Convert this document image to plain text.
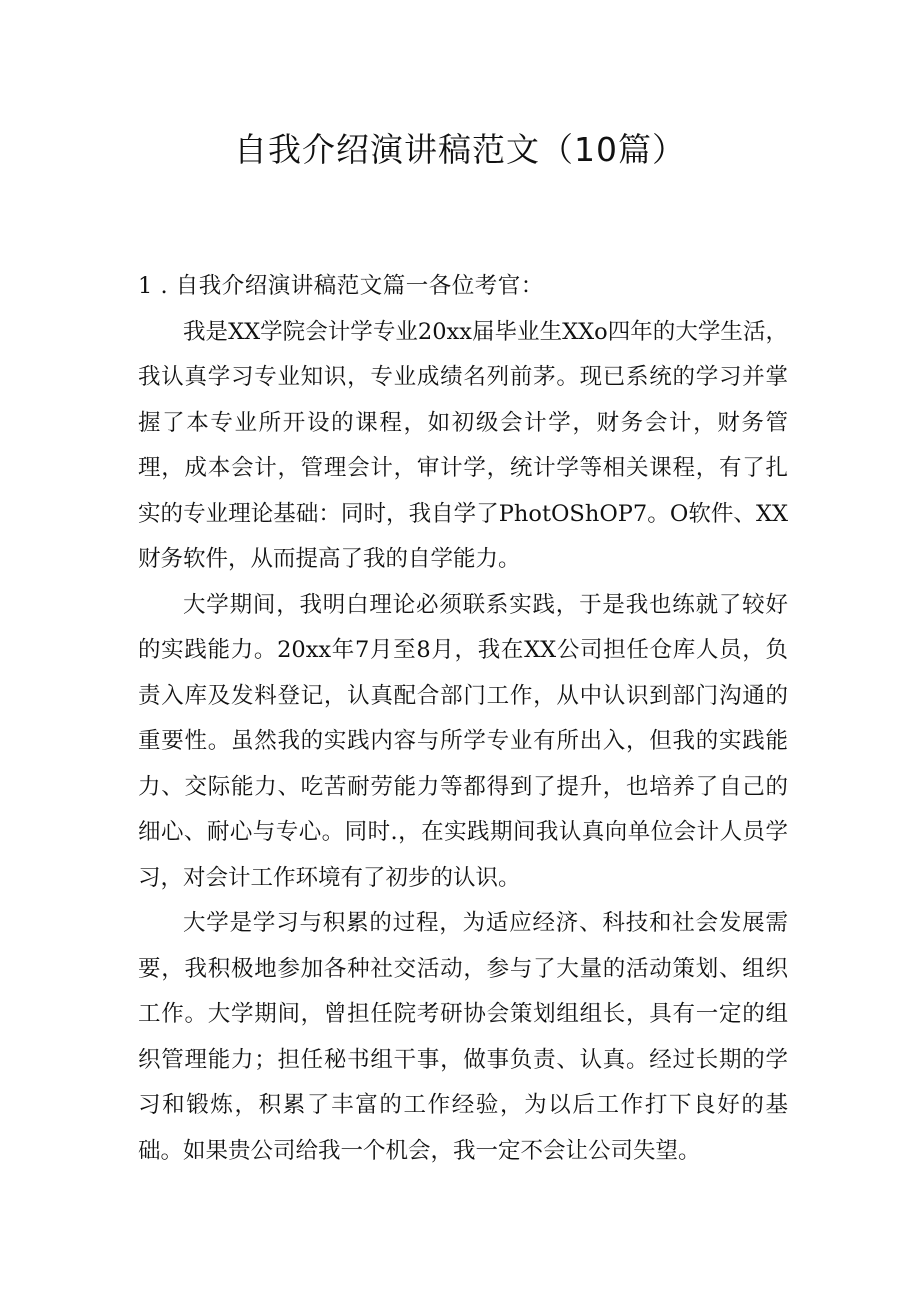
自我介绍演讲稿范文（10篇）

1 . 自我介绍演讲稿范文篇一各位考官：

我是XX学院会计学专业20xx届毕业生XXo四年的大学生活，我认真学习专业知识，专业成绩名列前茅。现已系统的学习并掌握了本专业所开设的课程，如初级会计学，财务会计，财务管理，成本会计，管理会计，审计学，统计学等相关课程，有了扎实的专业理论基础：同时，我自学了PhotOShOP7。O软件、XX财务软件，从而提高了我的自学能力。

大学期间，我明白理论必须联系实践，于是我也练就了较好的实践能力。20xx年7月至8月，我在XX公司担任仓库人员，负责入库及发料登记，认真配合部门工作，从中认识到部门沟通的重要性。虽然我的实践内容与所学专业有所出入，但我的实践能力、交际能力、吃苦耐劳能力等都得到了提升，也培养了自己的细心、耐心与专心。同时.，在实践期间我认真向单位会计人员学习，对会计工作环境有了初步的认识。

大学是学习与积累的过程，为适应经济、科技和社会发展需要，我积极地参加各种社交活动，参与了大量的活动策划、组织工作。大学期间，曾担任院考研协会策划组组长，具有一定的组织管理能力；担任秘书组干事，做事负责、认真。经过长期的学习和锻炼，积累了丰富的工作经验，为以后工作打下良好的基础。如果贵公司给我一个机会，我一定不会让公司失望。
